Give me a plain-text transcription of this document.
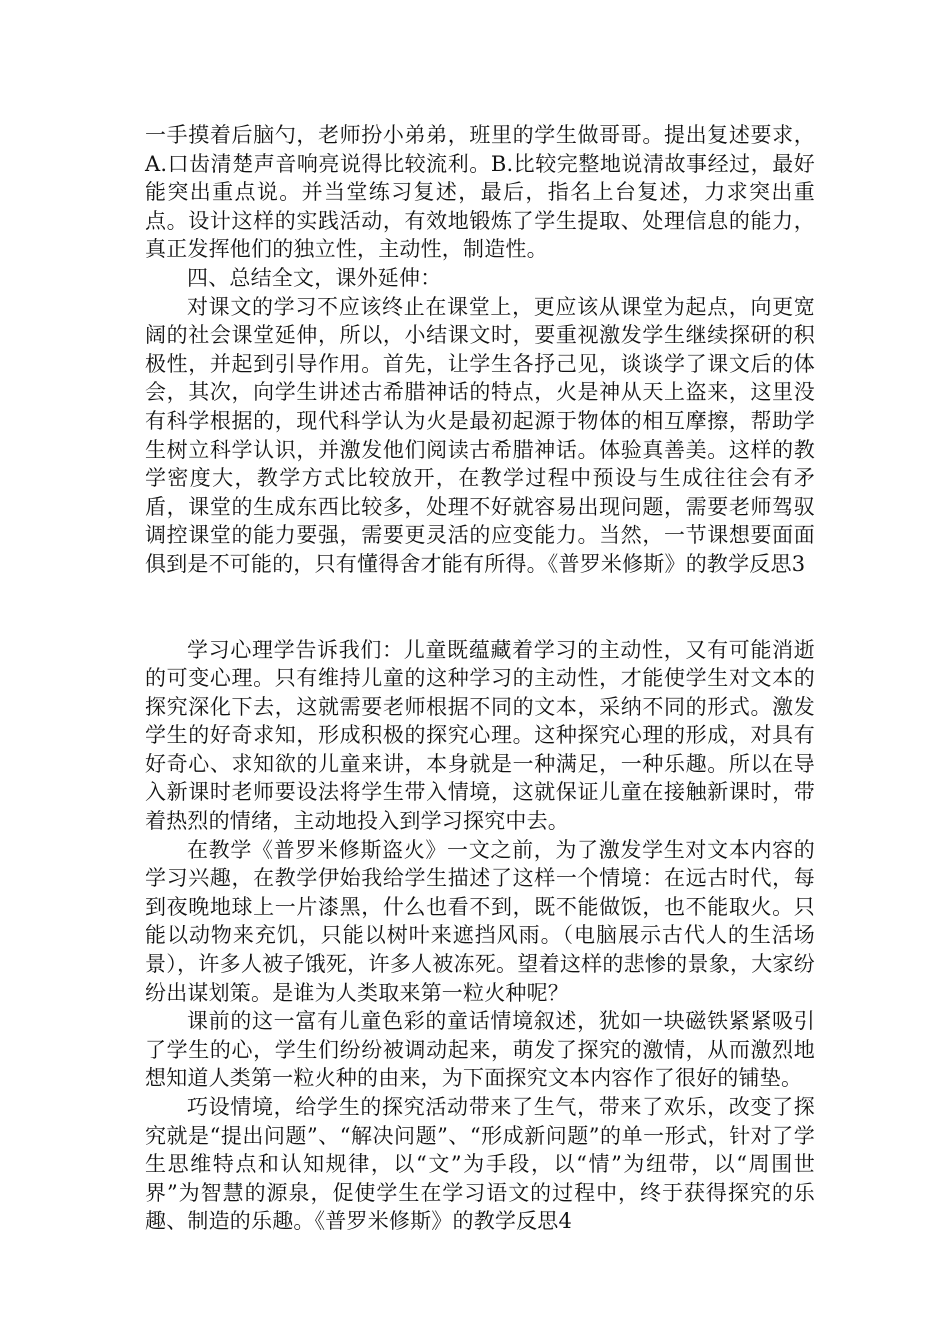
一手摸着后脑勺，老师扮小弟弟，班里的学生做哥哥。提出复述要求，A.口齿清楚声音响亮说得比较流利。B.比较完整地说清故事经过，最好能突出重点说。并当堂练习复述，最后，指名上台复述，力求突出重点。设计这样的实践活动，有效地锻炼了学生提取、处理信息的能力，真正发挥他们的独立性，主动性，制造性。

四、总结全文，课外延伸：

对课文的学习不应该终止在课堂上，更应该从课堂为起点，向更宽阔的社会课堂延伸，所以，小结课文时，要重视激发学生继续探研的积极性，并起到引导作用。首先，让学生各抒己见，谈谈学了课文后的体会，其次，向学生讲述古希腊神话的特点，火是神从天上盗来，这里没有科学根据的，现代科学认为火是最初起源于物体的相互摩擦，帮助学生树立科学认识，并激发他们阅读古希腊神话。体验真善美。这样的教学密度大，教学方式比较放开，在教学过程中预设与生成往往会有矛盾，课堂的生成东西比较多，处理不好就容易出现问题，需要老师驾驭调控课堂的能力要强，需要更灵活的应变能力。当然，一节课想要面面俱到是不可能的，只有懂得舍才能有所得。《普罗米修斯》的教学反思3

学习心理学告诉我们：儿童既蕴藏着学习的主动性，又有可能消逝的可变心理。只有维持儿童的这种学习的主动性，才能使学生对文本的探究深化下去，这就需要老师根据不同的文本，采纳不同的形式。激发学生的好奇求知，形成积极的探究心理。这种探究心理的形成，对具有好奇心、求知欲的儿童来讲，本身就是一种满足，一种乐趣。所以在导入新课时老师要设法将学生带入情境，这就保证儿童在接触新课时，带着热烈的情绪，主动地投入到学习探究中去。

在教学《普罗米修斯盗火》一文之前，为了激发学生对文本内容的学习兴趣，在教学伊始我给学生描述了这样一个情境：在远古时代，每到夜晚地球上一片漆黑，什么也看不到，既不能做饭，也不能取火。只能以动物来充饥，只能以树叶来遮挡风雨。（电脑展示古代人的生活场景），许多人被子饿死，许多人被冻死。望着这样的悲惨的景象，大家纷纷出谋划策。是谁为人类取来第一粒火种呢？

课前的这一富有儿童色彩的童话情境叙述，犹如一块磁铁紧紧吸引了学生的心，学生们纷纷被调动起来，萌发了探究的激情，从而激烈地想知道人类第一粒火种的由来，为下面探究文本内容作了很好的铺垫。

巧设情境，给学生的探究活动带来了生气，带来了欢乐，改变了探究就是“提出问题”、“解决问题”、“形成新问题”的单一形式，针对了学生思维特点和认知规律，以“文”为手段，以“情”为纽带，以“周围世界”为智慧的源泉，促使学生在学习语文的过程中，终于获得探究的乐趣、制造的乐趣。《普罗米修斯》的教学反思4
